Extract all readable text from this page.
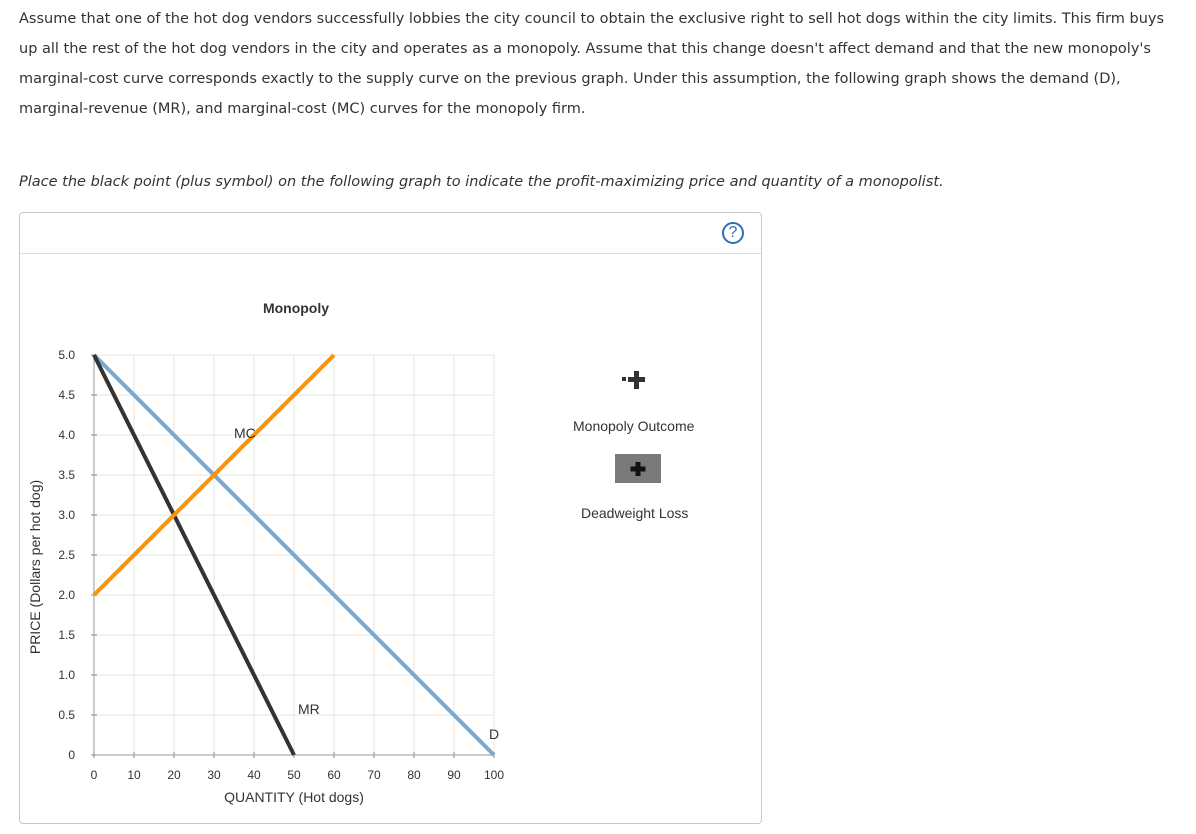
Assume that one of the hot dog vendors successfully lobbies the city council to obtain the exclusive right to sell hot dogs within the city limits. This firm buys up all the rest of the hot dog vendors in the city and operates as a monopoly. Assume that this change doesn't affect demand and that the new monopoly's marginal-cost curve corresponds exactly to the supply curve on the previous graph. Under this assumption, the following graph shows the demand (D), marginal-revenue (MR), and marginal-cost (MC) curves for the monopoly firm.

Place the black point (plus symbol) on the following graph to indicate the profit-maximizing price and quantity of a monopolist.

?
Monopoly
0 10 20 30 40 50 60 70 80 90 100
0
0.5
1.0
1.5
2.0
2.5
3.0
3.5
4.0
4.5
5.0
D
MR
MC
QUANTITY (Hot dogs)
PRICE (Dollars per hot dog)
Monopoly Outcome
Deadweight Loss
